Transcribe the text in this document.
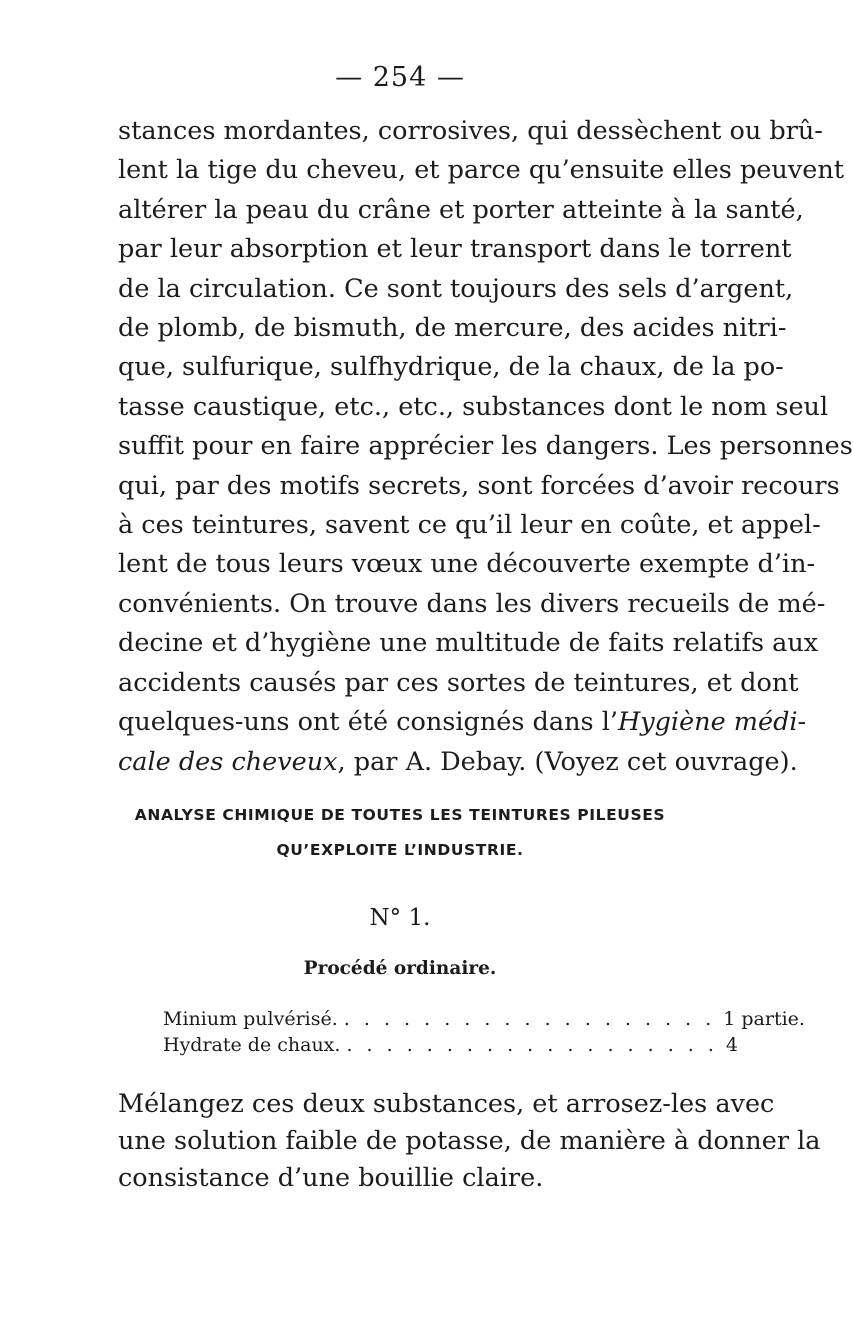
— 254 —
stances mordantes, corrosives, qui dessèchent ou brû-
lent la tige du cheveu, et parce qu’ensuite elles peuvent
altérer la peau du crâne et porter atteinte à la santé,
par leur absorption et leur transport dans le torrent
de la circulation. Ce sont toujours des sels d’argent,
de plomb, de bismuth, de mercure, des acides nitri-
que, sulfurique, sulfhydrique, de la chaux, de la po-
tasse caustique, etc., etc., substances dont le nom seul
suffit pour en faire apprécier les dangers. Les personnes
qui, par des motifs secrets, sont forcées d’avoir recours
à ces teintures, savent ce qu’il leur en coûte, et appel-
lent de tous leurs vœux une découverte exempte d’in-
convénients. On trouve dans les divers recueils de mé-
decine et d’hygiène une multitude de faits relatifs aux
accidents causés par ces sortes de teintures, et dont
quelques-uns ont été consignés dans l’Hygiène médi-
cale des cheveux, par A. Debay. (Voyez cet ouvrage).
ANALYSE CHIMIQUE DE TOUTES LES TEINTURES PILEUSES
QU’EXPLOITE L’INDUSTRIE.
N° 1.
Procédé ordinaire.
Minium pulvérisé. . . . . . . . . . . . . . . . . . . . 1 partie.
Hydrate de chaux. . . . . . . . . . . . . . . . . . . . 4
Mélangez ces deux substances, et arrosez-les avec
une solution faible de potasse, de manière à donner la
consistance d’une bouillie claire.
